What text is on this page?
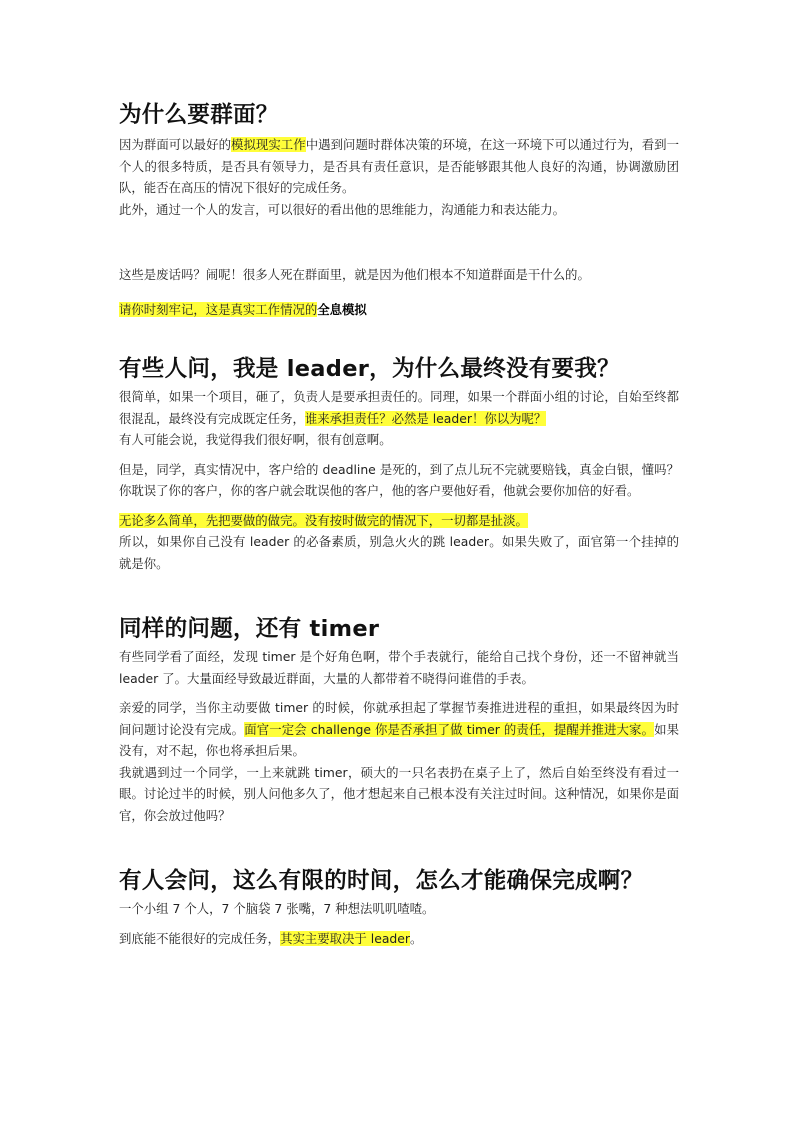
为什么要群面？

因为群面可以最好的模拟现实工作中遇到问题时群体决策的环境，在这一环境下可以通过行为，看到一个人的很多特质，是否具有领导力，是否具有责任意识，是否能够跟其他人良好的沟通，协调激励团队，能否在高压的情况下很好的完成任务。

此外，通过一个人的发言，可以很好的看出他的思维能力，沟通能力和表达能力。

这些是废话吗？闹呢！很多人死在群面里，就是因为他们根本不知道群面是干什么的。

请你时刻牢记，这是真实工作情况的全息模拟

有些人问，我是 leader，为什么最终没有要我？

很简单，如果一个项目，砸了，负责人是要承担责任的。同理，如果一个群面小组的讨论，自始至终都很混乱，最终没有完成既定任务，谁来承担责任？必然是 leader！你以为呢？
有人可能会说，我觉得我们很好啊，很有创意啊。

但是，同学，真实情况中，客户给的 deadline 是死的，到了点儿玩不完就要赔钱，真金白银，懂吗？你耽误了你的客户，你的客户就会耽误他的客户，他的客户要他好看，他就会要你加倍的好看。

无论多么简单，先把要做的做完。没有按时做完的情况下，一切都是扯淡。
所以，如果你自己没有 leader 的必备素质，别急火火的跳 leader。如果失败了，面官第一个挂掉的就是你。

同样的问题，还有 timer

有些同学看了面经，发现 timer 是个好角色啊，带个手表就行，能给自己找个身份，还一不留神就当 leader 了。大量面经导致最近群面，大量的人都带着不晓得问谁借的手表。

亲爱的同学，当你主动要做 timer 的时候，你就承担起了掌握节奏推进进程的重担，如果最终因为时间问题讨论没有完成。面官一定会 challenge 你是否承担了做 timer 的责任，提醒并推进大家。如果没有，对不起，你也将承担后果。

我就遇到过一个同学，一上来就跳 timer，硕大的一只名表扔在桌子上了，然后自始至终没有看过一眼。讨论过半的时候，别人问他多久了，他才想起来自己根本没有关注过时间。这种情况，如果你是面官，你会放过他吗？

有人会问，这么有限的时间，怎么才能确保完成啊？

一个小组 7 个人，7 个脑袋 7 张嘴，7 种想法叽叽喳喳。

到底能不能很好的完成任务，其实主要取决于 leader。
